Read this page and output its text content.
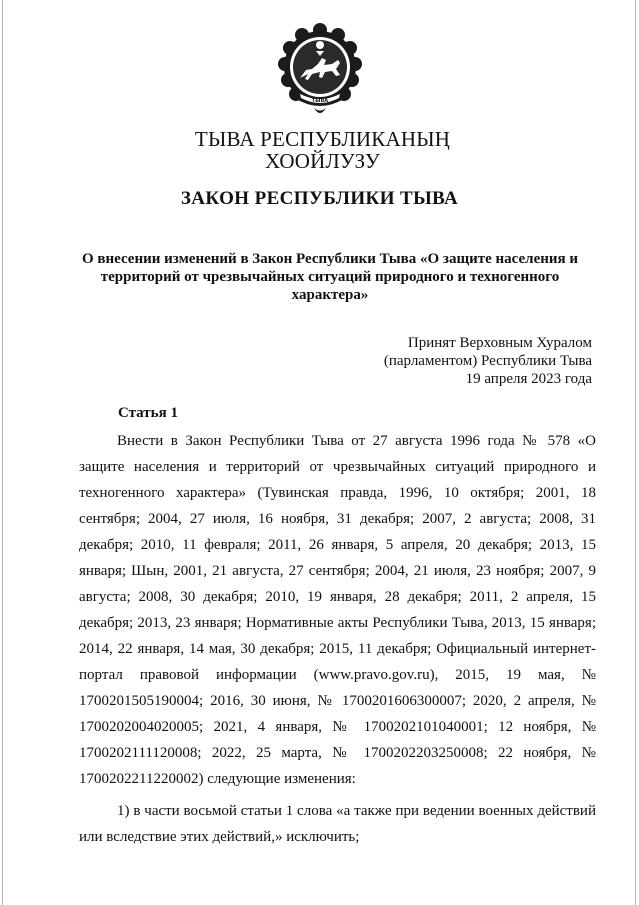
ТЫВА
ТЫВА РЕСПУБЛИКАНЫҢ
ХООЙЛУЗУ
ЗАКОН РЕСПУБЛИКИ ТЫВА
О внесении изменений в Закон Республики Тыва «О защите населения и территорий от чрезвычайных ситуаций природного и техногенного характера»
Принят Верховным Хуралом
(парламентом) Республики Тыва
19 апреля 2023 года
Статья 1

Внести в Закон Республики Тыва от 27 августа 1996 года № 578 «О защите населения и территорий от чрезвычайных ситуаций природного и техногенного характера» (Тувинская правда, 1996, 10 октября; 2001, 18 сентября; 2004, 27 июля, 16 ноября, 31 декабря; 2007, 2 августа; 2008, 31 декабря; 2010, 11 февраля; 2011, 26 января, 5 апреля, 20 декабря; 2013, 15 января; Шын, 2001, 21 августа, 27 сентября; 2004, 21 июля, 23 ноября; 2007, 9 августа; 2008, 30 декабря; 2010, 19 января, 28 декабря; 2011, 2 апреля, 15 декабря; 2013, 23 января; Нормативные акты Республики Тыва, 2013, 15 января; 2014, 22 января, 14 мая, 30 декабря; 2015, 11 декабря; Официальный интернет-портал правовой информации (www.pravo.gov.ru), 2015, 19 мая, № 1700201505190004; 2016, 30 июня, № 1700201606300007; 2020, 2 апреля, № 1700202004020005; 2021, 4 января, № 1700202101040001; 12 ноября, № 1700202111120008; 2022, 25 марта, № 1700202203250008; 22 ноября, № 1700202211220002) следующие изменения:

1) в части восьмой статьи 1 слова «а также при ведении военных действий или вследствие этих действий,» исключить;
